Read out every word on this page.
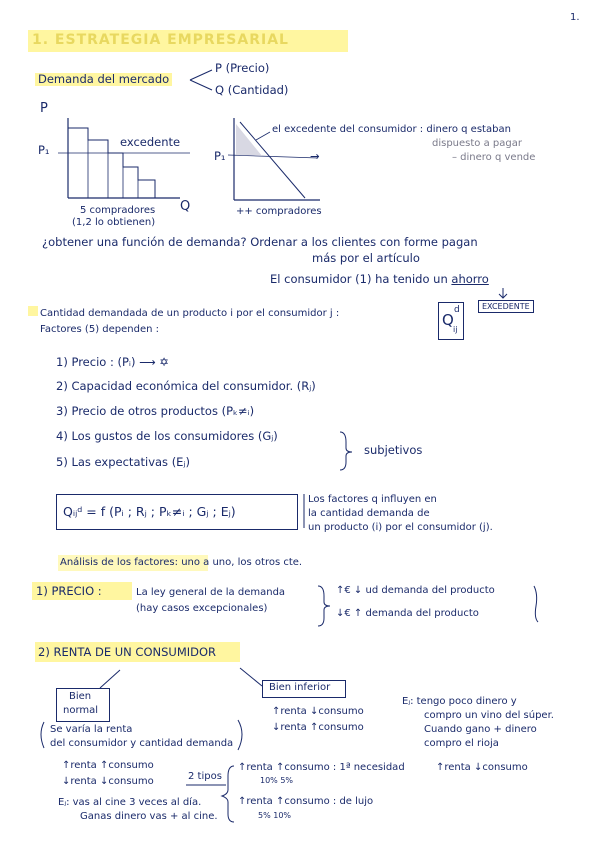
1.
1. ESTRATEGIA EMPRESARIAL
Demanda del mercado
P (Precio)
Q (Cantidad)
P
P₁
excedente
Q
5 compradores
(1,2 lo obtienen)
P₁	→
++ compradores
el excedente del consumidor : dinero q estaban
dispuesto a pagar
– dinero q vende
¿obtener una función de demanda? Ordenar a los clientes con forme pagan
más por el artículo
El consumidor (1) ha tenido un ahorro
EXCEDENTE
Cantidad demandada de un producto i por el consumidor j :
Factores (5) dependen :
Q
d
ij
1) Precio : (Pᵢ) ⟶ ✡
2) Capacidad económica del consumidor. (Rⱼ)
3) Precio de otros productos (Pₖ≠ᵢ)
4) Los gustos de los consumidores (Gⱼ)
5) Las expectativas (Eⱼ)
subjetivos
Qᵢⱼᵈ = f (Pᵢ ; Rⱼ ; Pₖ≠ᵢ ; Gⱼ ; Eⱼ)
Los factores q influyen en
la cantidad demanda de
un producto (i) por el consumidor (j).
Análisis de los factores: uno a uno, los otros cte.
1) PRECIO :	La ley general de la demanda
(hay casos excepcionales)
↑€ ↓ ud demanda del producto
↓€ ↑ demanda del producto
2) RENTA DE UN CONSUMIDOR
Bien
normal
Se varía la renta
del consumidor y cantidad demanda
↑renta ↑consumo
↓renta ↓consumo	2 tipos
↑renta ↑consumo : 1ª necesidad
10% 5%
↑renta ↑consumo : de lujo
5% 10%
Eⱼ: vas al cine 3 veces al día.
Ganas dinero vas + al cine.
Bien inferior
↑renta ↓consumo
↓renta ↑consumo
Eⱼ: tengo poco dinero y
compro un vino del súper.
Cuando gano + dinero
compro el rioja
↑renta ↓consumo
